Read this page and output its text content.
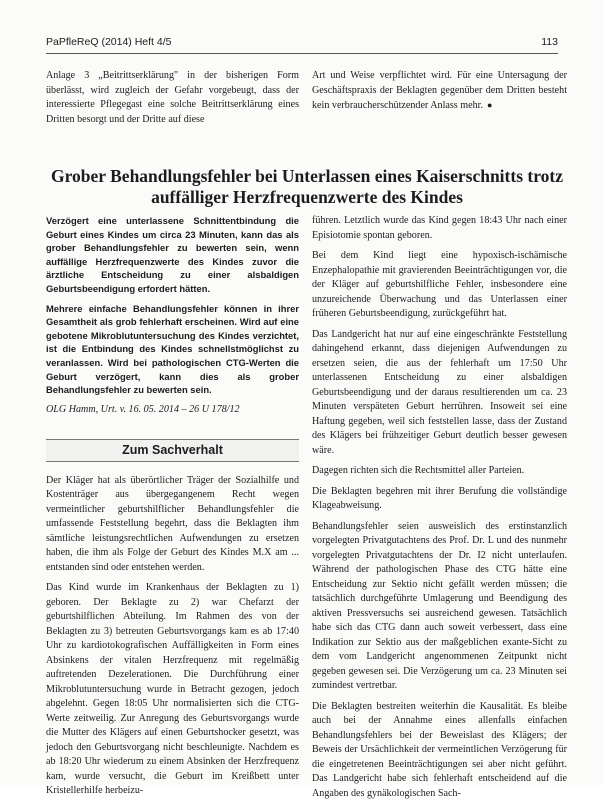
PaPfleReQ (2014) Heft 4/5	113

Anlage 3 „Beitrittserklärung" in der bisherigen Form überlässt, wird zugleich der Gefahr vorgebeugt, dass der interessierte Pflegegast eine solche Beitrittserklärung eines Dritten besorgt und der Dritte auf diese

Art und Weise verpflichtet wird. Für eine Untersagung der Geschäftspraxis der Beklagten gegenüber dem Dritten besteht kein verbraucherschützender Anlass mehr. ●

Grober Behandlungsfehler bei Unterlassen eines Kaiserschnitts trotz auffälliger Herzfrequenzwerte des Kindes

Verzögert eine unterlassene Schnittentbindung die Geburt eines Kindes um circa 23 Minuten, kann das als grober Behandlungsfehler zu bewerten sein, wenn auffällige Herzfrequenzwerte des Kindes zuvor die ärztliche Entscheidung zu einer alsbaldigen Geburtsbeendigung erfordert hätten.

Mehrere einfache Behandlungsfehler können in ihrer Gesamtheit als grob fehlerhaft erscheinen. Wird auf eine gebotene Mikroblutuntersuchung des Kindes verzichtet, ist die Entbindung des Kindes schnellstmöglichst zu veranlassen. Wird bei pathologischen CTG-Werten die Geburt verzögert, kann dies als grober Behandlungsfehler zu bewerten sein.

OLG Hamm, Urt. v. 16. 05. 2014 – 26 U 178/12

Zum Sachverhalt

Der Kläger hat als überörtlicher Träger der Sozialhilfe und Kostenträger aus übergegangenem Recht wegen vermeintlicher geburtshilflicher Behandlungsfehler die umfassende Feststellung begehrt, dass die Beklagten ihm sämtliche leistungsrechtlichen Aufwendungen zu ersetzen haben, die ihm als Folge der Geburt des Kindes M.X am ... entstanden sind oder entstehen werden.

Das Kind wurde im Krankenhaus der Beklagten zu 1) geboren. Der Beklagte zu 2) war Chefarzt der geburtshilflichen Abteilung. Im Rahmen des von der Beklagten zu 3) betreuten Geburtsvorgangs kam es ab 17:40 Uhr zu kardiotokografischen Auffälligkeiten in Form eines Absinkens der vitalen Herzfrequenz mit regelmäßig auftretenden Dezelerationen. Die Durchführung einer Mikroblutuntersuchung wurde in Betracht gezogen, jedoch abgelehnt. Gegen 18:05 Uhr normalisierten sich die CTG-Werte zeitweilig. Zur Anregung des Geburtsvorgangs wurde die Mutter des Klägers auf einen Geburtshocker gesetzt, was jedoch den Geburtsvorgang nicht beschleunigte. Nachdem es ab 18:20 Uhr wiederum zu einem Absinken der Herzfrequenz kam, wurde versucht, die Geburt im Kreißbett unter Kristellerhilfe herbeizu-

führen. Letztlich wurde das Kind gegen 18:43 Uhr nach einer Episiotomie spontan geboren.

Bei dem Kind liegt eine hypoxisch-ischämische Enzephalopathie mit gravierenden Beeinträchtigungen vor, die der Kläger auf geburtshilfliche Fehler, insbesondere eine unzureichende Überwachung und das Unterlassen einer früheren Geburtsbeendigung, zurückgeführt hat.

Das Landgericht hat nur auf eine eingeschränkte Feststellung dahingehend erkannt, dass diejenigen Aufwendungen zu ersetzen seien, die aus der fehlerhaft um 17:50 Uhr unterlassenen Entscheidung zu einer alsbaldigen Geburtsbeendigung und der daraus resultierenden um ca. 23 Minuten verspäteten Geburt herrühren. Insoweit sei eine Haftung gegeben, weil sich feststellen lasse, dass der Zustand des Klägers bei frühzeitiger Geburt deutlich besser gewesen wäre.

Dagegen richten sich die Rechtsmittel aller Parteien.

Die Beklagten begehren mit ihrer Berufung die vollständige Klageabweisung.

Behandlungsfehler seien ausweislich des erstinstanzlich vorgelegten Privatgutachtens des Prof. Dr. L und des nunmehr vorgelegten Privatgutachtens der Dr. I2 nicht unterlaufen. Während der pathologischen Phase des CTG hätte eine Entscheidung zur Sektio nicht gefällt werden müssen; die tatsächlich durchgeführte Umlagerung und Beendigung des aktiven Pressversuchs sei ausreichend gewesen. Tatsächlich habe sich das CTG dann auch soweit verbessert, dass eine Indikation zur Sektio aus der maßgeblichen exante-Sicht zu dem vom Landgericht angenommenen Zeitpunkt nicht gegeben gewesen sei. Die Verzögerung um ca. 23 Minuten sei zumindest vertretbar.

Die Beklagten bestreiten weiterhin die Kausalität. Es bleibe auch bei der Annahme eines allenfalls einfachen Behandlungsfehlers bei der Beweislast des Klägers; der Beweis der Ursächlichkeit der vermeintlichen Verzögerung für die eingetretenen Beeinträchtigungen sei aber nicht geführt. Das Landgericht habe sich fehlerhaft entscheidend auf die Angaben des gynäkologischen Sach-
